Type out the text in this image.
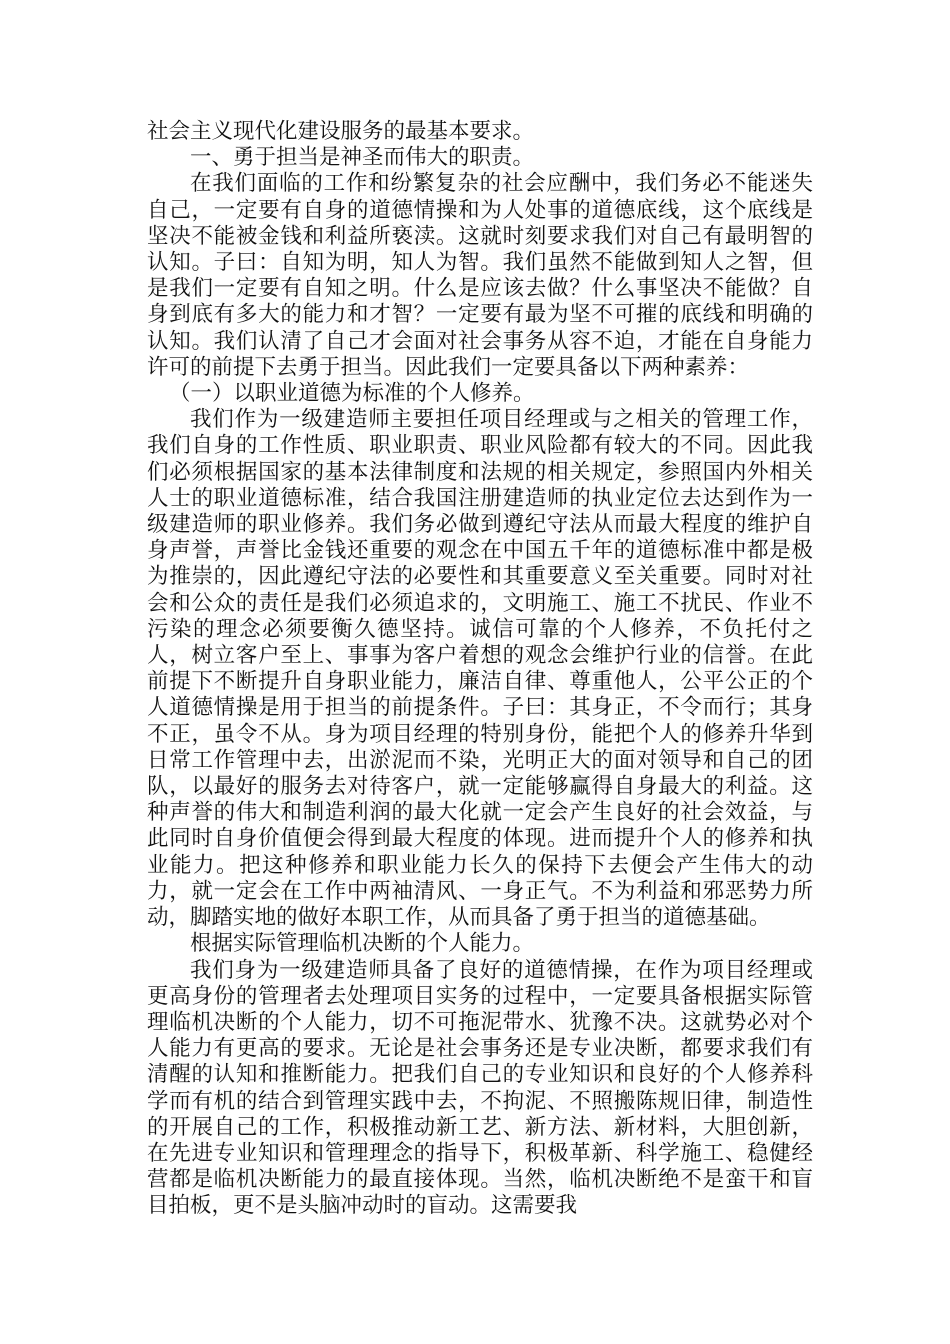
社会主义现代化建设服务的最基本要求。

一、勇于担当是神圣而伟大的职责。

在我们面临的工作和纷繁复杂的社会应酬中，我们务必不能迷失自己，一定要有自身的道德情操和为人处事的道德底线，这个底线是坚决不能被金钱和利益所亵渎。这就时刻要求我们对自己有最明智的认知。子曰：自知为明，知人为智。我们虽然不能做到知人之智，但是我们一定要有自知之明。什么是应该去做？什么事坚决不能做？自身到底有多大的能力和才智？一定要有最为坚不可摧的底线和明确的认知。我们认清了自己才会面对社会事务从容不迫，才能在自身能力许可的前提下去勇于担当。因此我们一定要具备以下两种素养：

（一）以职业道德为标准的个人修养。

我们作为一级建造师主要担任项目经理或与之相关的管理工作，我们自身的工作性质、职业职责、职业风险都有较大的不同。因此我们必须根据国家的基本法律制度和法规的相关规定，参照国内外相关人士的职业道德标准，结合我国注册建造师的执业定位去达到作为一级建造师的职业修养。我们务必做到遵纪守法从而最大程度的维护自身声誉，声誉比金钱还重要的观念在中国五千年的道德标准中都是极为推崇的，因此遵纪守法的必要性和其重要意义至关重要。同时对社会和公众的责任是我们必须追求的，文明施工、施工不扰民、作业不污染的理念必须要衡久德坚持。诚信可靠的个人修养，不负托付之人，树立客户至上、事事为客户着想的观念会维护行业的信誉。在此前提下不断提升自身职业能力，廉洁自律、尊重他人，公平公正的个人道德情操是用于担当的前提条件。子曰：其身正，不令而行；其身不正，虽令不从。身为项目经理的特别身份，能把个人的修养升华到日常工作管理中去，出淤泥而不染，光明正大的面对领导和自己的团队，以最好的服务去对待客户，就一定能够赢得自身最大的利益。这种声誉的伟大和制造利润的最大化就一定会产生良好的社会效益，与此同时自身价值便会得到最大程度的体现。进而提升个人的修养和执业能力。把这种修养和职业能力长久的保持下去便会产生伟大的动力，就一定会在工作中两袖清风、一身正气。不为利益和邪恶势力所动，脚踏实地的做好本职工作，从而具备了勇于担当的道德基础。

根据实际管理临机决断的个人能力。

我们身为一级建造师具备了良好的道德情操，在作为项目经理或更高身份的管理者去处理项目实务的过程中，一定要具备根据实际管理临机决断的个人能力，切不可拖泥带水、犹豫不决。这就势必对个人能力有更高的要求。无论是社会事务还是专业决断，都要求我们有清醒的认知和推断能力。把我们自己的专业知识和良好的个人修养科学而有机的结合到管理实践中去，不拘泥、不照搬陈规旧律，制造性的开展自己的工作，积极推动新工艺、新方法、新材料，大胆创新，在先进专业知识和管理理念的指导下，积极革新、科学施工、稳健经营都是临机决断能力的最直接体现。当然，临机决断绝不是蛮干和盲目拍板，更不是头脑冲动时的盲动。这需要我
